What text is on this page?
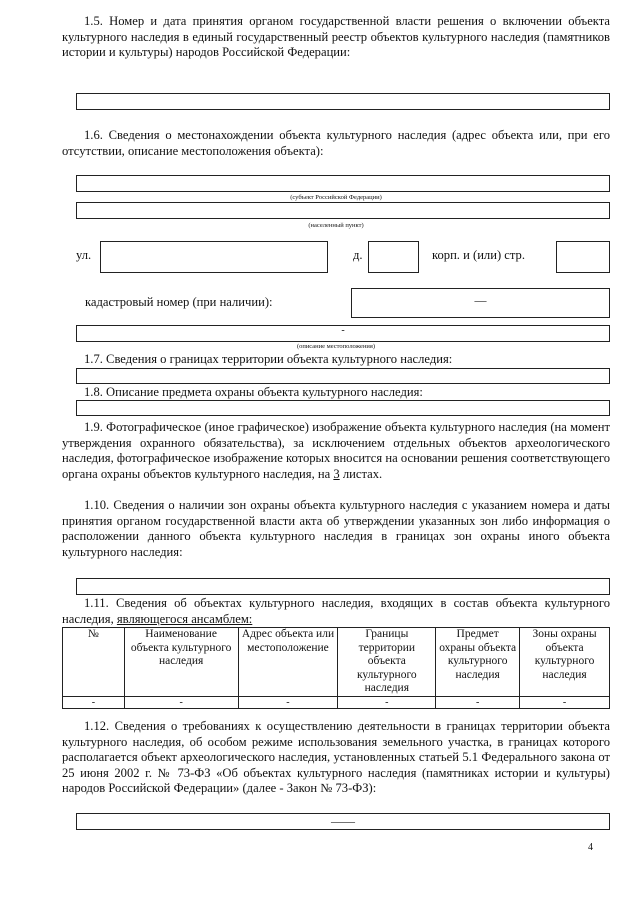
1.5. Номер и дата принятия органом государственной власти решения о включении объекта культурного наследия в единый государственный реестр объектов культурного наследия (памятников истории и культуры) народов Российской Федерации:
1.6. Сведения о местонахождении объекта культурного наследия (адрес объекта или, при его отсутствии, описание местоположения объекта):
(субъект Российской Федерации)
(населенный пункт)
ул.	д.	корп. и (или) стр.
кадастровый номер (при наличии):	—
-
(описание местоположения)
1.7. Сведения о границах территории объекта культурного наследия:
1.8. Описание предмета охраны объекта культурного наследия:
1.9. Фотографическое (иное графическое) изображение объекта культурного наследия (на момент утверждения охранного обязательства), за исключением отдельных объектов археологического наследия, фотографическое изображение которых вносится на основании решения соответствующего органа охраны объектов культурного наследия, на 3 листах.
1.10. Сведения о наличии зон охраны объекта культурного наследия с указанием номера и даты принятия органом государственной власти акта об утверждении указанных зон либо информация о расположении данного объекта культурного наследия в границах зон охраны иного объекта культурного наследия:
1.11. Сведения об объектах культурного наследия, входящих в состав объекта культурного наследия, являющегося ансамблем:
№	Наименование объекта культурного наследия	Адрес объекта или местоположение	Границы территории объекта культурного наследия	Предмет охраны объекта культурного наследия	Зоны охраны объекта культурного наследия
-	-	-	-	-	-
1.12. Сведения о требованиях к осуществлению деятельности в границах территории объекта культурного наследия, об особом режиме использования земельного участка, в границах которого располагается объект археологического наследия, установленных статьей 5.1 Федерального закона от 25 июня 2002 г. № 73-ФЗ «Об объектах культурного наследия (памятниках истории и культуры) народов Российской Федерации» (далее - Закон № 73-ФЗ):
——
4
